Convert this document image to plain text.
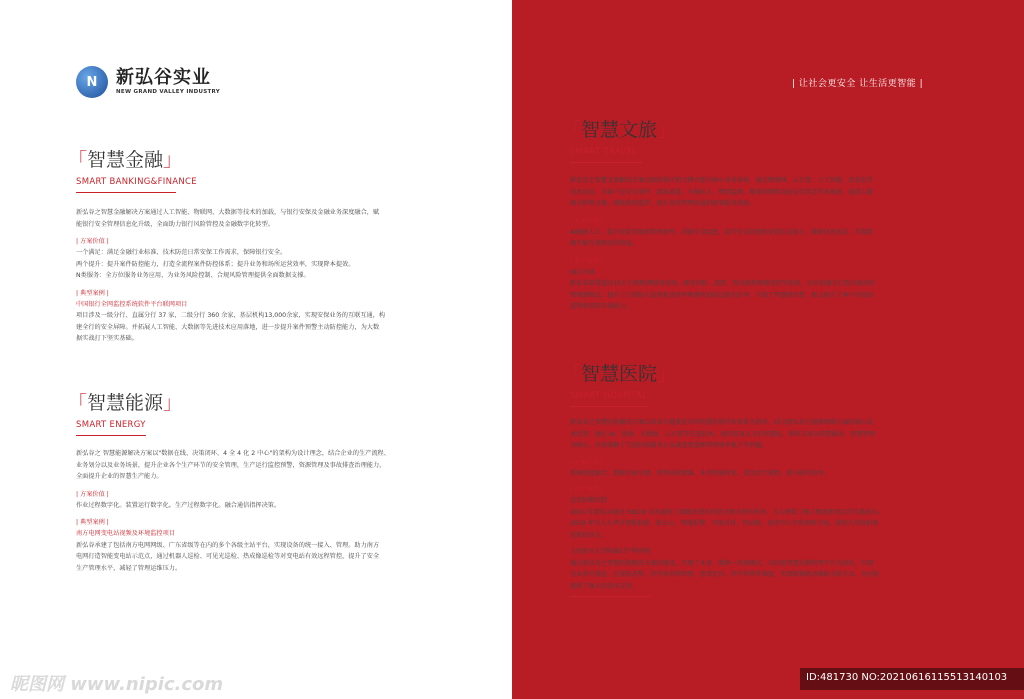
N	新弘谷实业
NEW GRAND VALLEY INDUSTRY
| 让社会更安全 让生活更智能 |
「智慧金融」
SMART BANKING&FINANCE
新弘谷之智慧金融解决方案通过人工智能、物联网、大数据等技术的加载，与银行安保及金融业务深度融合，赋
能银行安全管理信息化升级，全面助力银行风险管控及金融数字化转型。
| 方案价值 |
一个满足：满足金融行业标准、技术防范日常安保工作需求，保障银行安全。
两个提升：提升案件防控能力，打造全流程案件防控体系；提升业务和场所运营效率，实现降本提效。
N类服务：全方位服务业务应用，为业务风险控制、合规风险管理提供全面数据支撑。
| 典型案例 |
中国银行全网监控系统软件平台联网项目
项目涉及一级分行、直属分行 37 家，二级分行 360 余家，基层机构13,000余家，实现安保业务的互联互通，构
建全行的安全屏障。并拓展人工智能、大数据等先进技术应用落地，进一步提升案件预警主动防控能力，为大数
据实战打下坚实基础。
「智慧能源」
SMART ENERGY
新弘谷之 智慧能源解决方案以"数据在线、决策闭环、4 全 4 化 2 中心"的架构为设计理念，结合企业的生产流程、
业务划分以及业务场景，提升企业各个生产环节的安全管理，生产运行监控预警，资源管理及事故排查治理能力，
全面提升企业的智慧生产能力。
| 方案价值 |
作业过程数字化。装置运行数字化。生产过程数字化。融合通信指挥决策。
| 典型案例 |
南方电网变电站视频及环境监控项目
新弘谷承建了包括南方电网网级、广东省级等在内的多个各级主站平台，实现设备的统一接入、管理。助力南方
电网打造智能变电站示范点，通过机器人巡检、可见光巡检、热成像巡检等对变电站有效远程管控，提升了安全
生产管理水平，减轻了管理运维压力。
「智慧文旅」
SMART TRAVEL
新弘谷之智慧文旅解决方案以旅游景区和文博古建为核心业务场景，通过物联网、云计算、人工智能、信息化等
技术应用，为客户在安全事件、游客流量、车辆出入、舆情监测、精准营销和设备运行状态等多维度，提供大数
据分析和支撑，辅助政府监管，提升运营管理效益和游客服务体验。
| 方案价值 |
AI辅助人工，提升安防等级和管理效率。消除安全隐患，提升安全防控和处置应急能力。破除信息孤岛，实现数
据互联互通和运营效益。
| 典型案例 |
丽江古城
新弘谷部署超过10万台物联网感知前端，建设消防、监控、热成像和图像显控等系统，以安消融合打造古城消防
管理新模式，提升了日常防火监督检查效率和建筑消防设施完好率，实现了智慧预出警，极大提升了客户的安防
监管和消防实战能力。
「智慧医院」
SMART HOSPITAL
新弘谷之智慧医院解决方案以国家卫健委发布的智慧医院评价体系为指导，结合新弘谷在视频物联方面的核心技
术优势，通过 AI、传感、大数据、云计算等先进技术，使医院真正走向智慧化。整体方案以智慧服务、智慧管理
为核心，有效缓解了当前医院服务公众满意度低和管理效率低下等问题。
| 方案价值 |
系统深度融合。数据全面呈现。管理高效精准。业务智能简化。优化诊疗流程。提升服务效率。
| 典型案例 |
北京协和医院
2015 年新弘谷通过 HDCVI 技术避免了线路改造对医院文物古迹的伤害，大大降低了施工难度和项目的实施成本。
2019 年引入大华全智能前端、私有云、智能报警、可视对讲、热成像、显控中心等系统和方案，使您久的协和焕
发新的活力。
上海复旦大学附属妇产科医院
通过新弘谷之智慧医院解决方案的建设，实现了业务、数据一张图模式，以医院智慧后勤管理平台为依托，实现
全业务可视化。在安防态势、医疗废弃物管理、患者定位、停车管理等维度，实现数据驱动辅助全新方式，为医院
提供了强大的技术支持。
昵图网 www.nipic.com	ID:481730 NO:20210616115513140103
